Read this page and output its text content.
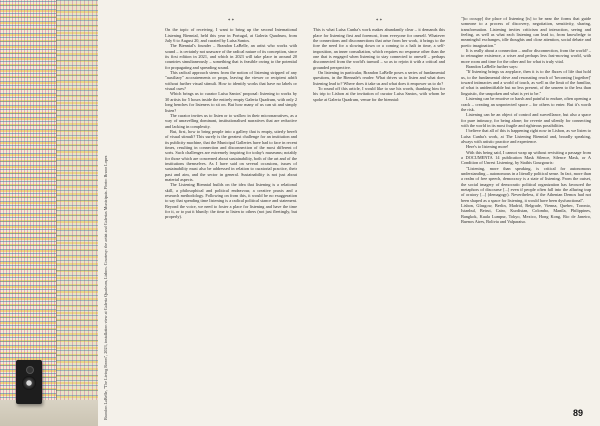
Brandon LaBelle, "The Living Room", 2023, installation view at Galeria Quadrum, Lisbon. Courtesy: the artist and Galerias Municipais. Photo: Bruno Lopes

* *

On the topic of receiving, I want to bring up the second International Listening Biennial, held this year in Portugal, at Galeria Quadrum, from July 6 to August 20, and curated by Luísa Santos.

The Biennial's founder – Brandon LaBelle, an artist who works with sound – is certainly not unaware of the radical nature of its conception, since its first edition in 2021, and which in 2023 will take place in around 20 countries simultaneously – something that is feasible owing to the potential for propagating and spreading sound.

This radical approach stems from the notion of listening stripped of any "auxiliary" accoutrements or props, leaving the viewer or recipient adrift without further visual stimuli. How to identify works that have no labels or visual cues?

Which brings us to curator Luísa Santos' proposal: listening to works by 30 artists for 5 hours inside the entirely empty Galeria Quadrum, with only 2 long benches for listeners to sit on. But how many of us can sit and simply listen?

The curator invites us to listen or to wallow in their micronarratives, as a way of unravelling dominant, institutionalised narratives that are reductive and lacking in complexity.

But, first, how to bring people into a gallery that is empty, utterly bereft of visual stimuli? This surely is the greatest challenge for an institution and its publicity machine, that the Municipal Galleries have had to face in recent times, resulting in connection and disconnection of the most different of sorts. Such challenges are extremely inspiring for today's museums; notably for those which are concerned about sustainability, both of the art and of the institutions themselves. As I have said on several occasions, issues of sustainability must also be addressed in relation to curatorial practice, their past and aim, and the sector in general. Sustainability is not just about material aspects.

The Listening Biennial builds on the idea that listening is a relational skill, a philosophical and political endeavour, a creative praxis and a research methodology. Following on from this, it would be no exaggeration to say that spending time listening is a radical political stance and statement. Beyond the voice, we need to foster a place for listening and have the time for it, or to put it bluntly: the time to listen to others (not just fleetingly, but properly).

* *

This is what Luísa Cunha's work makes abundantly clear – it demands this place for listening first and foremost, from everyone for oneself. Whatever the connections and disconnections that arise from her work, it brings to the fore the need for a slowing down or a coming to a halt in time, a self-imposition, an inner consultation, which requires no response other than the one that is engaged when listening to stay connected to oneself – perhaps disconnected from the world's turmoil – so as to rejoin it with a critical and grounded perspective.

On listening in particular, Brandon LaBelle poses a series of fundamental questions, in the Biennale's reader: What drives us to listen and what does listening lead to? Where does it take us and what does it empower us to do?

To round off this article, I would like to use his words, thanking him for his trip to Lisbon at the invitation of curator Luísa Santos, with whom he spoke at Galeria Quadrum, venue for the biennial:

"[to occupy] the place of listening [is] to be near the forms that guide someone to a process of discovery, negotiation, sensitivity, sharing, transformation. Listening invites criticism and interaction, seeing and feeling, as well as what each listening can lead to, from knowledge to meaningful exchanges, idle thoughts and close attention, social debate and poetic imagination."

It is really about a connection – and/or disconnection, from the world? – to reimagine existence, a wiser and perhaps less fast-moving world, with more room and time for the other and for what is truly vital.

Brandon LaBelle further says:

"If listening brings us anyplace, then it is to the fluxes of life that hold us, to the fundamental drive and resonating reach of 'becoming [together]' toward intimacies and a world of touch, as well as the limit of the familiar, of what is unidentifiable but no less present, of the unseen to the less than linguistic, the unspoken and what is yet to be."

Listening can be emotive or harsh and painful to endure, often opening a crack – creating an unprotected space – for others to enter. But it's worth the risk.

Listening can be an object of control and surveillance, but also a space for pure intimacy, for being alone; for reverie and silently for connecting with the world in its most fragile and righteous possibilities.

I believe that all of this is happening right now in Lisbon, as we listen to Luísa Cunha's work, at The Listening Biennial and, broadly speaking, always with artistic practice and experience.

Here's to listening more!

With this being said, I cannot wrap up without revisiting a passage from a DOCUMENTA 14 publication Mask Silence, Silence Mask, or A Condition of Unrest Listening, by Stathis Gourgouris:

"Listening, more than speaking, is critical for autonomous understanding – autonomous in a literally political sense. In fact, more than a realm of free speech, democracy is a state of listening. From the outset, the social imagery of democratic political organization has favoured the metaphors of discourse [...] even if people often fall into the alluring trap of oratory [...] (demagogy). Nevertheless, if the Athenian Demos had not been shaped as a space for listening, it would have been dysfunctional".

Lisbon, Glasgow, Berlin, Madrid, Belgrade, Vienna, Quebec, Toronto, Istanbul, Beirut, Cairo, Kurdistan, Colombo, Manila, Philippines, Bangkok, Kuala Lumpur, Tokyo, Mexico, Hong Kong, Rio de Janeiro, Buenos Aires, Bolivia and Valparaiso.

89
